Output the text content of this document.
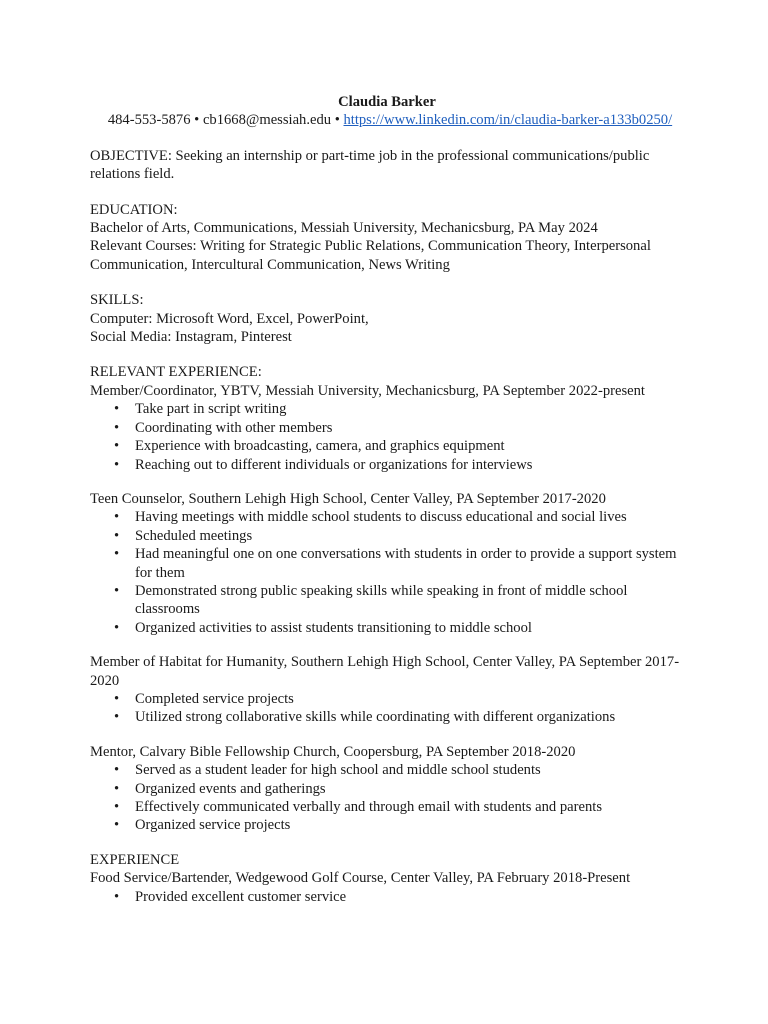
Claudia Barker

484-553-5876 • cb1668@messiah.edu • https://www.linkedin.com/in/claudia-barker-a133b0250/

OBJECTIVE: Seeking an internship or part-time job in the professional communications/public relations field.

EDUCATION:

Bachelor of Arts, Communications, Messiah University, Mechanicsburg, PA May 2024

Relevant Courses: Writing for Strategic Public Relations, Communication Theory, Interpersonal Communication, Intercultural Communication, News Writing

SKILLS:

Computer: Microsoft Word, Excel, PowerPoint,

Social Media: Instagram, Pinterest

RELEVANT EXPERIENCE:

Member/Coordinator, YBTV, Messiah University, Mechanicsburg, PA September 2022-present

• Take part in script writing
• Coordinating with other members
• Experience with broadcasting, camera, and graphics equipment
• Reaching out to different individuals or organizations for interviews

Teen Counselor, Southern Lehigh High School, Center Valley, PA September 2017-2020

• Having meetings with middle school students to discuss educational and social lives
• Scheduled meetings
• Had meaningful one on one conversations with students in order to provide a support system for them
• Demonstrated strong public speaking skills while speaking in front of middle school classrooms
• Organized activities to assist students transitioning to middle school

Member of Habitat for Humanity, Southern Lehigh High School, Center Valley, PA September 2017-2020

• Completed service projects
• Utilized strong collaborative skills while coordinating with different organizations

Mentor, Calvary Bible Fellowship Church, Coopersburg, PA September 2018-2020

• Served as a student leader for high school and middle school students
• Organized events and gatherings
• Effectively communicated verbally and through email with students and parents
• Organized service projects

EXPERIENCE

Food Service/Bartender, Wedgewood Golf Course, Center Valley, PA February 2018-Present

• Provided excellent customer service
